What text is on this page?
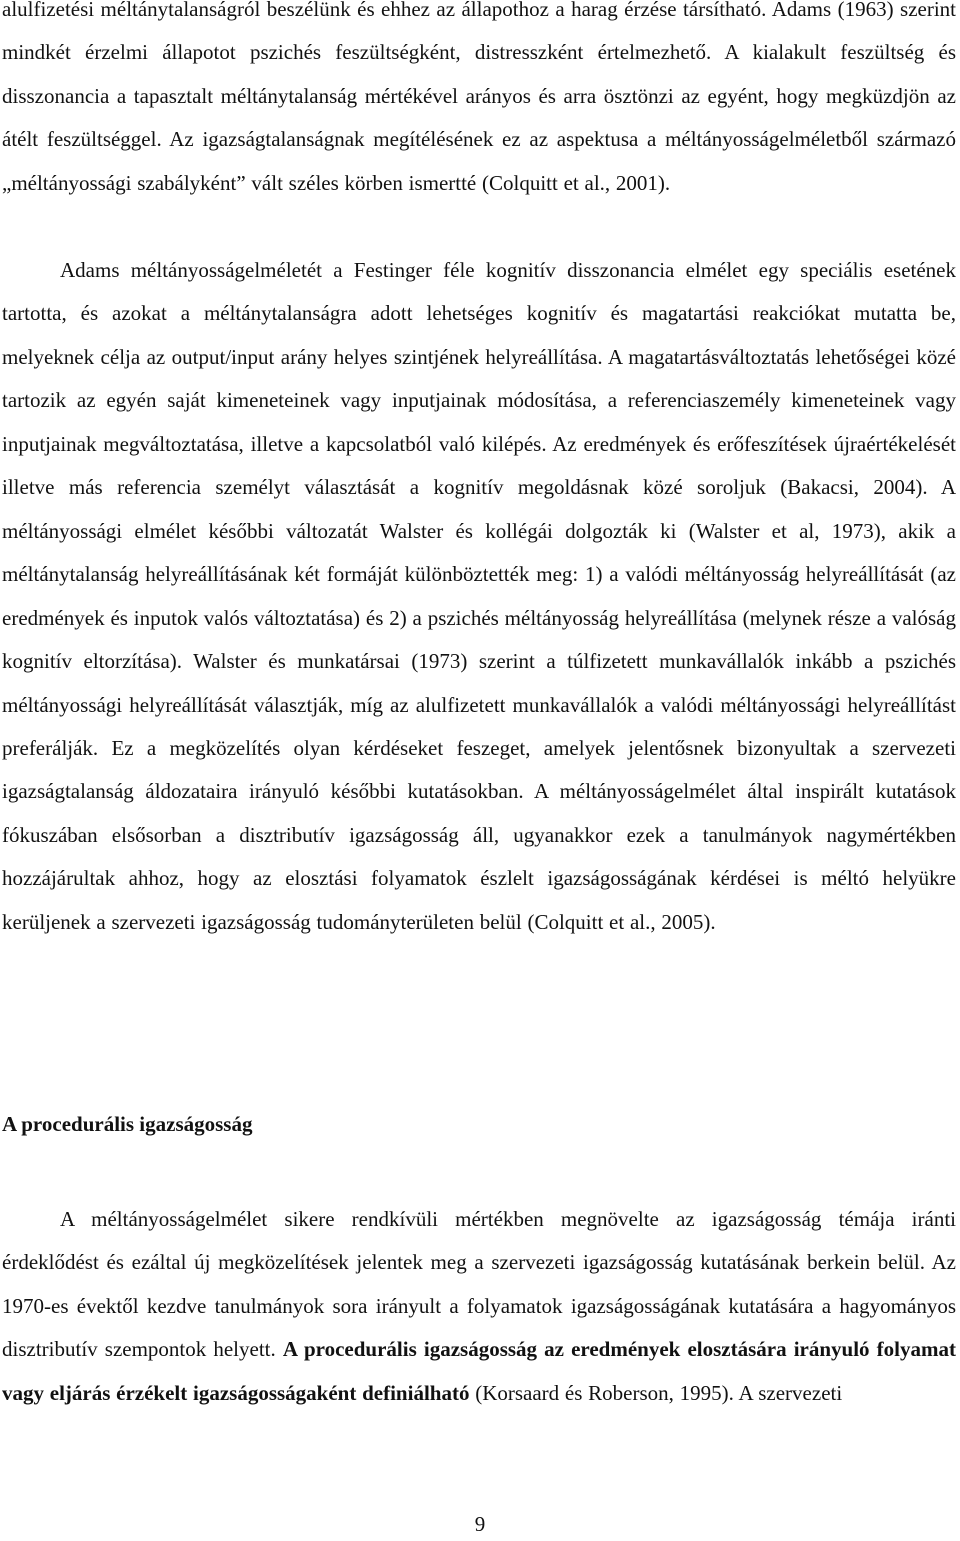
alulfizetési méltánytalanságról beszélünk és ehhez az állapothoz a harag érzése társítható. Adams (1963) szerint mindkét érzelmi állapotot pszichés feszültségként, distresszként értelmezhető. A kialakult feszültség és disszonancia a tapasztalt méltánytalanság mértékével arányos és arra ösztönzi az egyént, hogy megküzdjön az átélt feszültséggel. Az igazságtalanságnak megítélésének ez az aspektusa a méltányosságelméletből származó „méltányossági szabályként” vált széles körben ismertté (Colquitt et al., 2001).

Adams méltányosságelméletét a Festinger féle kognitív disszonancia elmélet egy speciális esetének tartotta, és azokat a méltánytalanságra adott lehetséges kognitív és magatartási reakciókat mutatta be, melyeknek célja az output/input arány helyes szintjének helyreállítása. A magatartásváltoztatás lehetőségei közé tartozik az egyén saját kimeneteinek vagy inputjainak módosítása, a referenciaszemély kimeneteinek vagy inputjainak megváltoztatása, illetve a kapcsolatból való kilépés. Az eredmények és erőfeszítések újraértékelését illetve más referencia személyt választását a kognitív megoldásnak közé soroljuk (Bakacsi, 2004). A méltányossági elmélet későbbi változatát Walster és kollégái dolgozták ki (Walster et al, 1973), akik a méltánytalanság helyreállításának két formáját különböztették meg: 1) a valódi méltányosság helyreállítását (az eredmények és inputok valós változtatása) és 2) a pszichés méltányosság helyreállítása (melynek része a valóság kognitív eltorzítása). Walster és munkatársai (1973) szerint a túlfizetett munkavállalók inkább a pszichés méltányossági helyreállítását választják, míg az alulfizetett munkavállalók a valódi méltányossági helyreállítást preferálják. Ez a megközelítés olyan kérdéseket feszeget, amelyek jelentősnek bizonyultak a szervezeti igazságtalanság áldozataira irányuló későbbi kutatásokban. A méltányosságelmélet által inspirált kutatások fókuszában elsősorban a disztributív igazságosság áll, ugyanakkor ezek a tanulmányok nagymértékben hozzájárultak ahhoz, hogy az elosztási folyamatok észlelt igazságosságának kérdései is méltó helyükre kerüljenek a szervezeti igazságosság tudományterületen belül (Colquitt et al., 2005).

A procedurális igazságosság

A méltányosságelmélet sikere rendkívüli mértékben megnövelte az igazságosság témája iránti érdeklődést és ezáltal új megközelítések jelentek meg a szervezeti igazságosság kutatásának berkein belül. Az 1970-es évektől kezdve tanulmányok sora irányult a folyamatok igazságosságának kutatására a hagyományos disztributív szempontok helyett. A procedurális igazságosság az eredmények elosztására irányuló folyamat vagy eljárás érzékelt igazságosságaként definiálható (Korsaard és Roberson, 1995). A szervezeti

9
